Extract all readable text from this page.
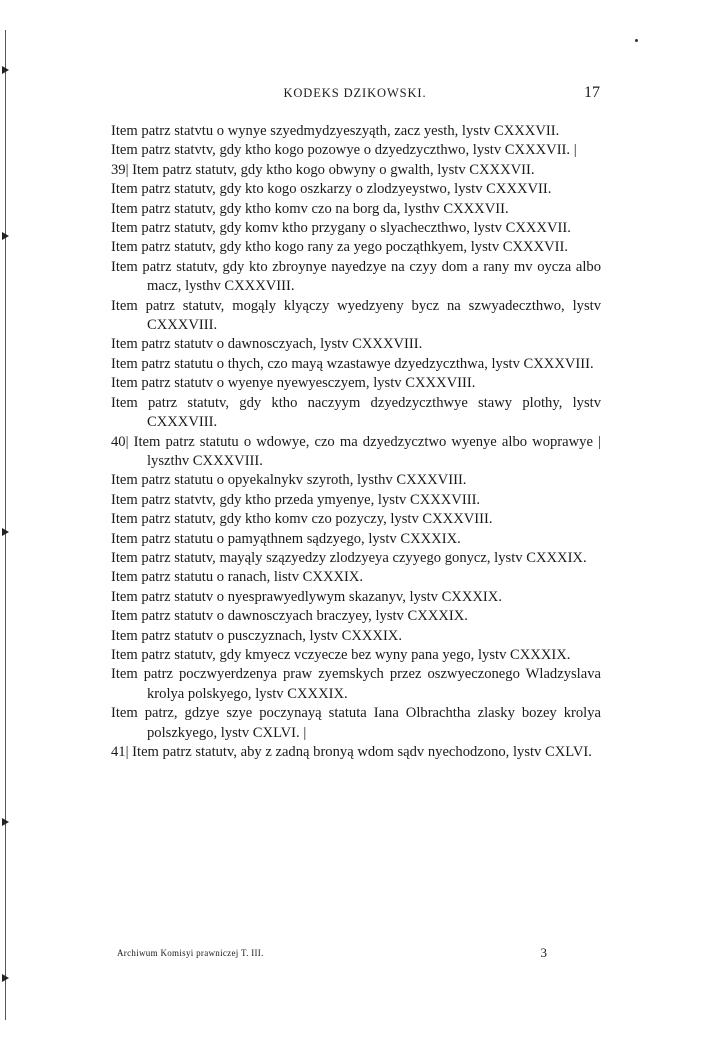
KODEKS DZIKOWSKI.	17
Item patrz statvtu o wynye szyedmydzyeszyąth, zacz yesth, lystv CXXXVII.
Item patrz statvtv, gdy ktho kogo pozowye o dzyedzyczthwo, lystv CXXXVII. |
39| Item patrz statutv, gdy ktho kogo obwyny o gwalth, lystv CXXXVII.
Item patrz statutv, gdy kto kogo oszkarzy o zlodzyeystwo, lystv CXXXVII.
Item patrz statutv, gdy ktho komv czo na borg da, lysthv CXXXVII.
Item patrz statutv, gdy komv ktho przygany o slyacheczthwo, lystv CXXXVII.
Item patrz statutv, gdy ktho kogo rany za yego począthkyem, lystv CXXXVII.
Item patrz statutv, gdy kto zbroynye nayedzye na czyy dom a rany mv oycza albo macz, lysthv CXXXVIII.
Item patrz statutv, mogąly klyączy wyedzyeny bycz na szwyadeczthwo, lystv CXXXVIII.
Item patrz statutv o dawnosczyach, lystv CXXXVIII.
Item patrz statutu o thych, czo mayą wzastawye dzyedzyczthwa, lystv CXXXVIII.
Item patrz statutv o wyenye nyewyesczyem, lystv CXXXVIII.
Item patrz statutv, gdy ktho naczyym dzyedzyczthwye stawy plothy, lystv CXXXVIII.
40| Item patrz statutu o wdowye, czo ma dzyedzycztwo wyenye albo woprawye | lyszthv CXXXVIII.
Item patrz statutu o opyekalnykv szyroth, lysthv CXXXVIII.
Item patrz statvtv, gdy ktho przeda ymyenye, lystv CXXXVIII.
Item patrz statutv, gdy ktho komv czo pozyczy, lystv CXXXVIII.
Item patrz statutu o pamyąthnem sądzyego, lystv CXXXIX.
Item patrz statutv, mayąly szązyedzy zlodzyeya czyyego gonycz, lystv CXXXIX.
Item patrz statutu o ranach, listv CXXXIX.
Item patrz statutv o nyesprawyedlywym skazanyv, lystv CXXXIX.
Item patrz statutv o dawnosczyach braczyey, lystv CXXXIX.
Item patrz statutv o pusczyznach, lystv CXXXIX.
Item patrz statutv, gdy kmyecz vczyecze bez wyny pana yego, lystv CXXXIX.
Item patrz poczwyerdzenya praw zyemskych przez oszwyeczonego Wladzyslava krolya polskyego, lystv CXXXIX.
Item patrz, gdzye szye poczynayą statuta Iana Olbrachtha zlasky bozey krolya polszkyego, lystv CXLVI. |
41| Item patrz statutv, aby z zadną bronyą wdom sądv nyechodzono, lystv CXLVI.
Archiwum Komisyi prawniczej T. III.	3
